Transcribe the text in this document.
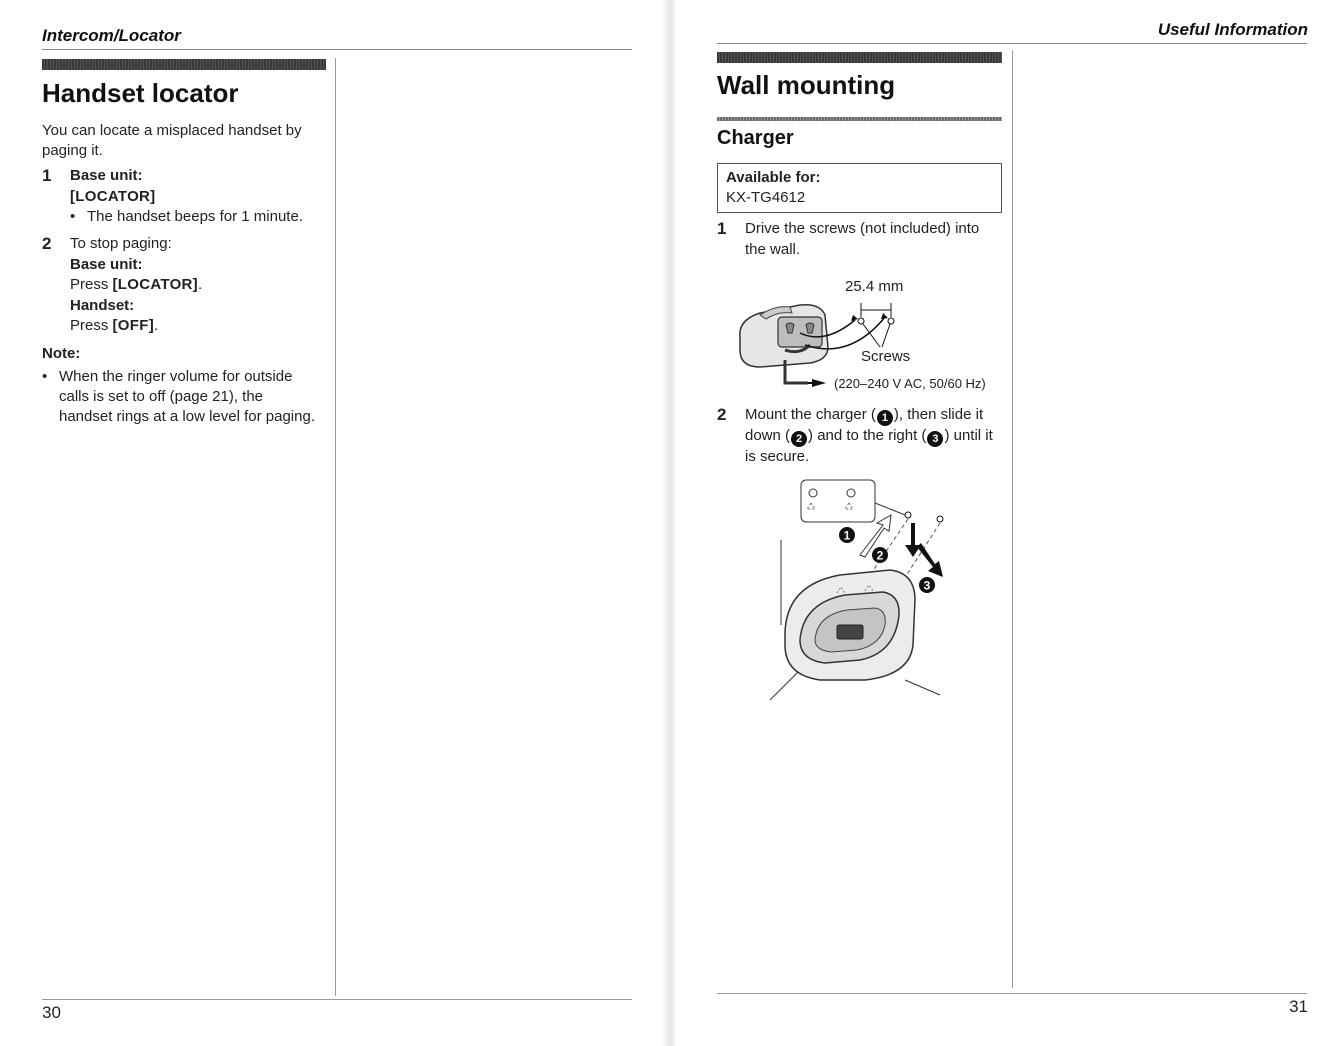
Intercom/Locator
Handset locator
You can locate a misplaced handset by paging it.
1 Base unit:
[LOCATOR]
• The handset beeps for 1 minute.
2 To stop paging:
Base unit:
Press [LOCATOR].
Handset:
Press [OFF].
Note:
• When the ringer volume for outside
calls is set to off (page 21), the
handset rings at a low level for paging.
30
Useful Information
Wall mounting
Charger
Available for:
KX-TG4612
1 Drive the screws (not included) into
the wall.
25.4 mm
Screws
(220–240 V AC, 50/60 Hz)
2 Mount the charger ( 1 ), then slide it
down ( 2 ) and to the right ( 3 ) until it
is secure.
1
2
3
31
